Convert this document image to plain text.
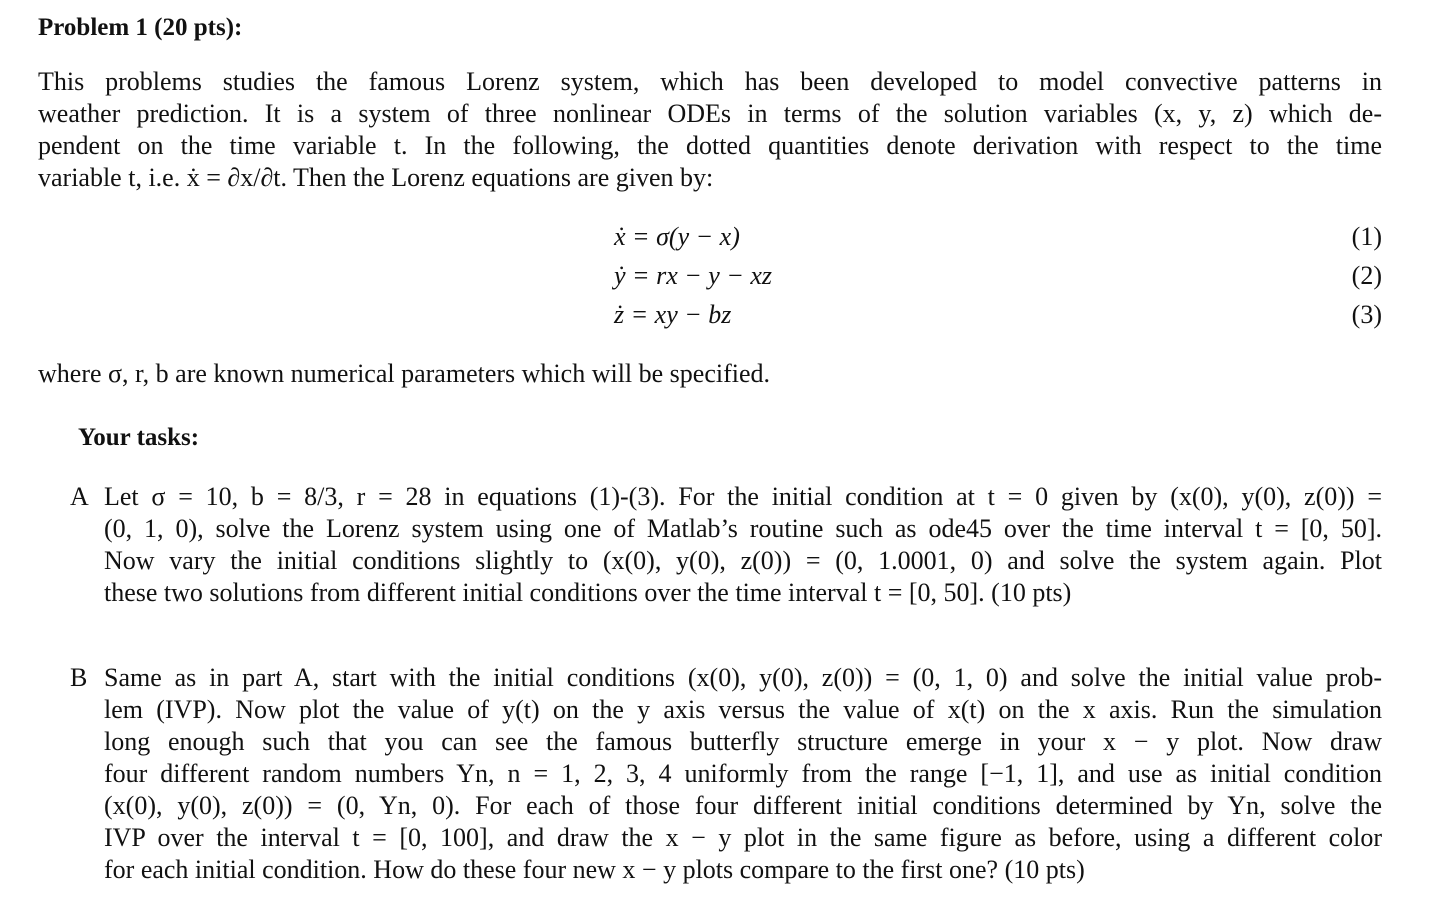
Problem 1 (20 pts):
This problems studies the famous Lorenz system, which has been developed to model convective patterns in
weather prediction. It is a system of three nonlinear ODEs in terms of the solution variables (x, y, z) which de-
pendent on the time variable t. In the following, the dotted quantities denote derivation with respect to the time
variable t, i.e. ẋ = ∂x/∂t. Then the Lorenz equations are given by:
ẋ = σ(y − x)	(1)
ẏ = rx − y − xz	(2)
ż = xy − bz	(3)
where σ, r, b are known numerical parameters which will be specified.
Your tasks:
A Let σ = 10, b = 8/3, r = 28 in equations (1)-(3). For the initial condition at t = 0 given by (x(0), y(0), z(0)) =
(0, 1, 0), solve the Lorenz system using one of Matlab’s routine such as ode45 over the time interval t = [0, 50].
Now vary the initial conditions slightly to (x(0), y(0), z(0)) = (0, 1.0001, 0) and solve the system again. Plot
these two solutions from different initial conditions over the time interval t = [0, 50]. (10 pts)
B Same as in part A, start with the initial conditions (x(0), y(0), z(0)) = (0, 1, 0) and solve the initial value prob-
lem (IVP). Now plot the value of y(t) on the y axis versus the value of x(t) on the x axis. Run the simulation
long enough such that you can see the famous butterfly structure emerge in your x − y plot. Now draw
four different random numbers Yn, n = 1, 2, 3, 4 uniformly from the range [−1, 1], and use as initial condition
(x(0), y(0), z(0)) = (0, Yn, 0). For each of those four different initial conditions determined by Yn, solve the
IVP over the interval t = [0, 100], and draw the x − y plot in the same figure as before, using a different color
for each initial condition. How do these four new x − y plots compare to the first one? (10 pts)
